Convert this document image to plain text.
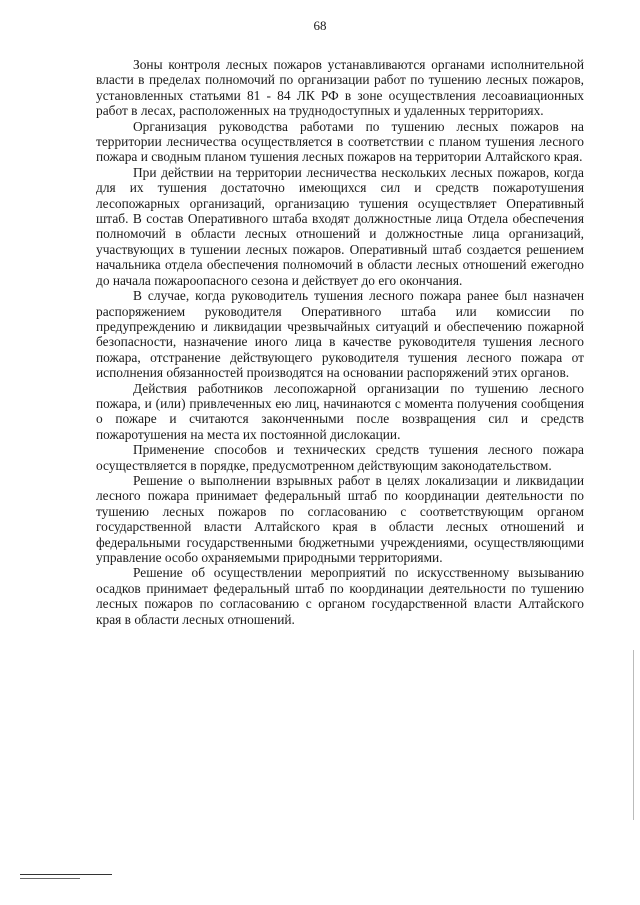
68

Зоны контроля лесных пожаров устанавливаются органами исполнительной власти в пределах полномочий по организации работ по тушению лесных пожаров, установленных статьями 81 - 84 ЛК РФ в зоне осуществления лесоавиационных работ в лесах, расположенных на труднодоступных и удаленных территориях.

Организация руководства работами по тушению лесных пожаров на территории лесничества осуществляется в соответствии с планом тушения лесного пожара и сводным планом тушения лесных пожаров на территории Алтайского края.

При действии на территории лесничества нескольких лесных пожаров, когда для их тушения достаточно имеющихся сил и средств пожаротушения лесопожарных организаций, организацию тушения осуществляет Оперативный штаб. В состав Оперативного штаба входят должностные лица Отдела обеспечения полномочий в области лесных отношений и должностные лица организаций, участвующих в тушении лесных пожаров. Оперативный штаб создается решением начальника отдела обеспечения полномочий в области лесных отношений ежегодно до начала пожароопасного сезона и действует до его окончания.

В случае, когда руководитель тушения лесного пожара ранее был назначен распоряжением руководителя Оперативного штаба или комиссии по предупреждению и ликвидации чрезвычайных ситуаций и обеспечению пожарной безопасности, назначение иного лица в качестве руководителя тушения лесного пожара, отстранение действующего руководителя тушения лесного пожара от исполнения обязанностей производятся на основании распоряжений этих органов.

Действия работников лесопожарной организации по тушению лесного пожара, и (или) привлеченных ею лиц, начинаются с момента получения сообщения о пожаре и считаются законченными после возвращения сил и средств пожаротушения на места их постоянной дислокации.

Применение способов и технических средств тушения лесного пожара осуществляется в порядке, предусмотренном действующим законодательством.

Решение о выполнении взрывных работ в целях локализации и ликвидации лесного пожара принимает федеральный штаб по координации деятельности по тушению лесных пожаров по согласованию с соответствующим органом государственной власти Алтайского края в области лесных отношений и федеральными государственными бюджетными учреждениями, осуществляющими управление особо охраняемыми природными территориями.

Решение об осуществлении мероприятий по искусственному вызыванию осадков принимает федеральный штаб по координации деятельности по тушению лесных пожаров по согласованию с органом государственной власти Алтайского края в области лесных отношений.
